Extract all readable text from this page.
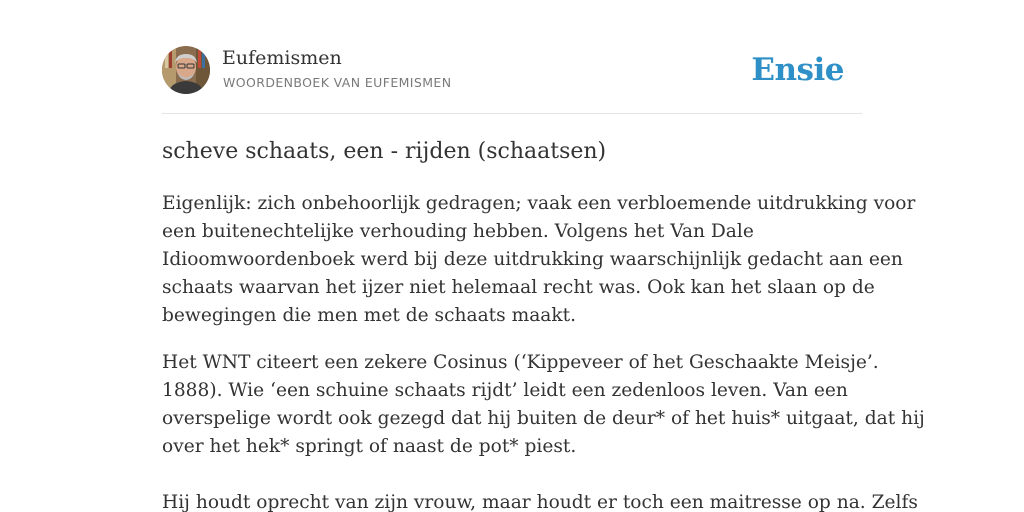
Eufemismen
WOORDENBOEK VAN EUFEMISMEN	Ensie
scheve schaats, een - rijden (schaatsen)

Eigenlijk: zich onbehoorlijk gedragen; vaak een verbloemende uitdrukking voor
een buitenechtelijke verhouding hebben. Volgens het Van Dale
Idioomwoordenboek werd bij deze uitdrukking waarschijnlijk gedacht aan een
schaats waarvan het ijzer niet helemaal recht was. Ook kan het slaan op de
bewegingen die men met de schaats maakt.

Het WNT citeert een zekere Cosinus (‘Kippeveer of het Geschaakte Meisje’.
1888). Wie ‘een schuine schaats rijdt’ leidt een zedenloos leven. Van een
overspelige wordt ook gezegd dat hij buiten de deur* of het huis* uitgaat, dat hij
over het hek* springt of naast de pot* piest.

Hij houdt oprecht van zijn vrouw, maar houdt er toch een maitresse op na. Zelfs
